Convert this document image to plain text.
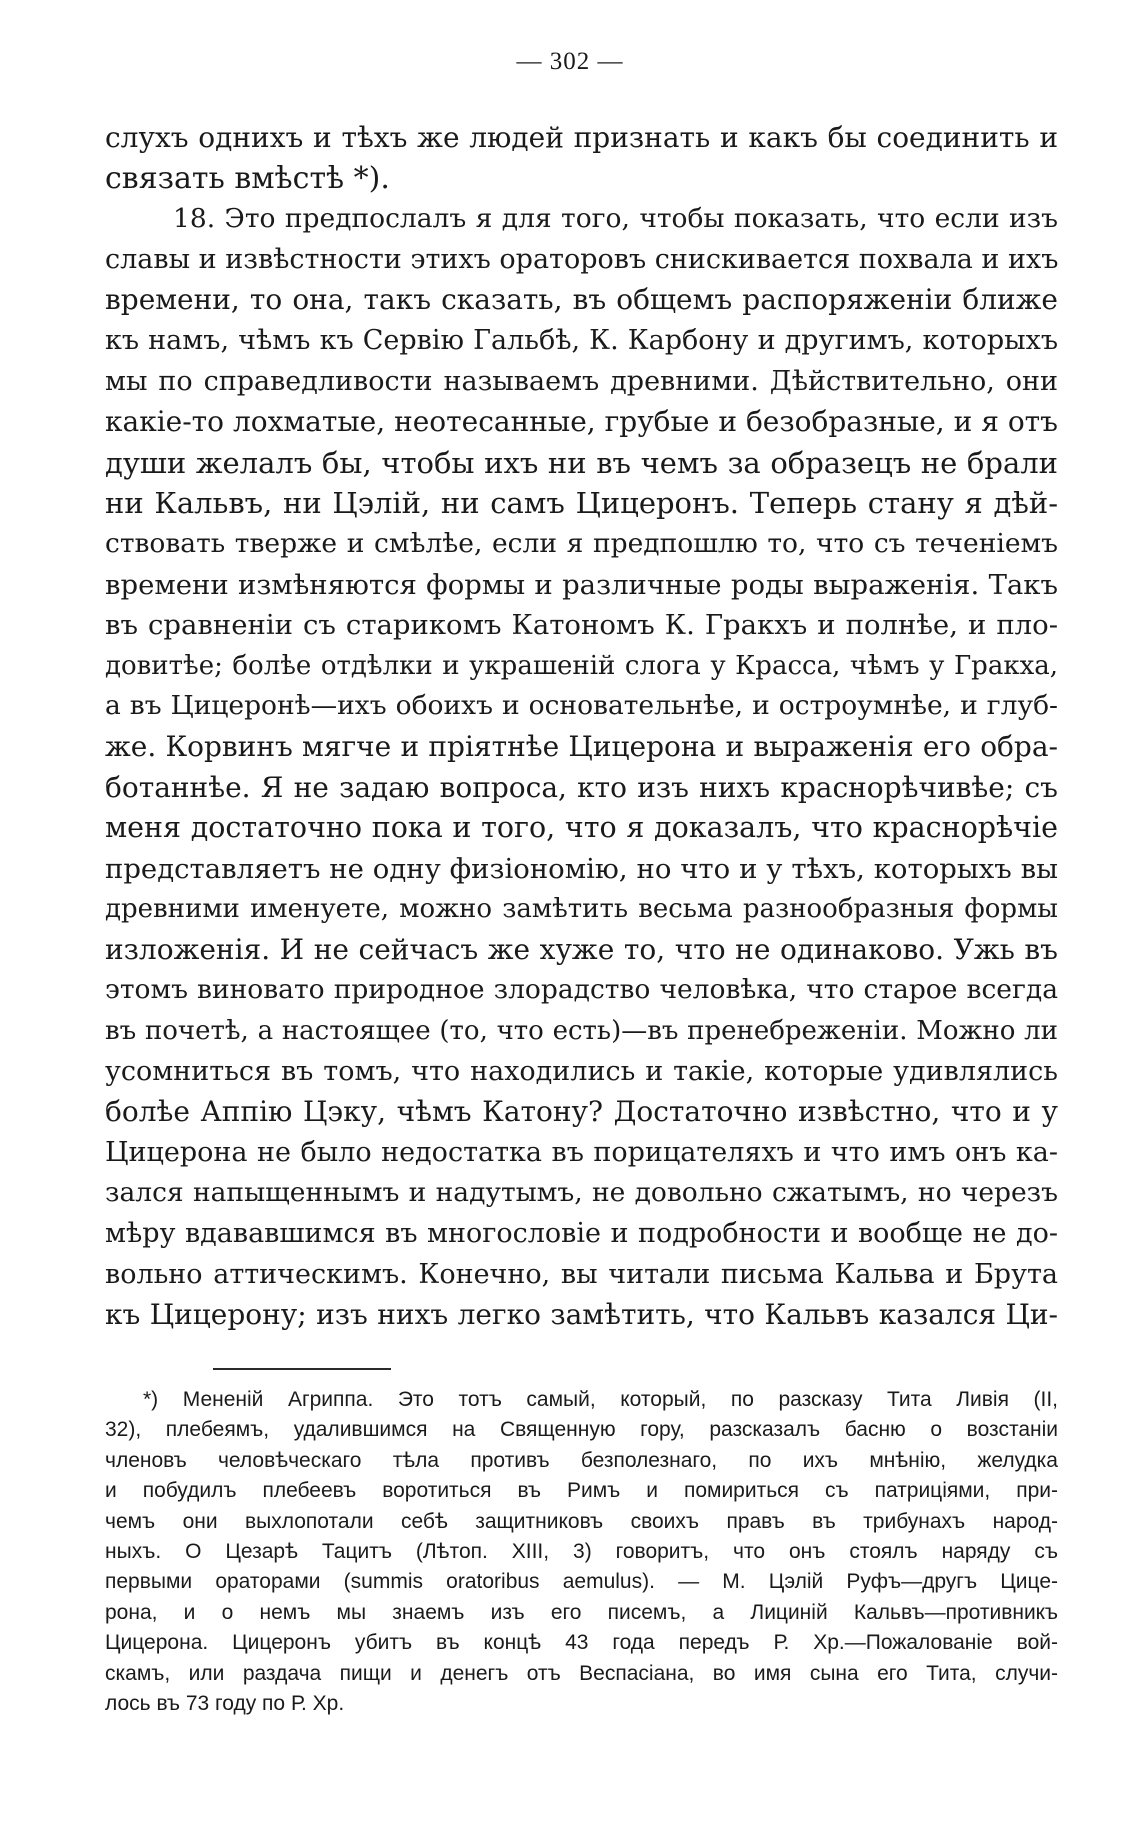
— 302 —
слухъ однихъ и тѣхъ же людей признать и какъ бы соединить и
связать вмѣстѣ *).
18. Это предпослалъ я для того, чтобы показать, что если изъ
славы и извѣстности этихъ ораторовъ снискивается похвала и ихъ
времени, то она, такъ сказать, въ общемъ распоряженіи ближе
къ намъ, чѣмъ къ Сервію Гальбѣ, К. Карбону и другимъ, которыхъ
мы по справедливости называемъ древними. Дѣйствительно, они
какіе-то лохматые, неотесанные, грубые и безобразные, и я отъ
души желалъ бы, чтобы ихъ ни въ чемъ за образецъ не брали
ни Кальвъ, ни Цэлій, ни самъ Цицеронъ. Теперь стану я дѣй-
ствовать тверже и смѣлѣе, если я предпошлю то, что съ теченіемъ
времени измѣняются формы и различные роды выраженія. Такъ
въ сравненіи съ старикомъ Катономъ К. Гракхъ и полнѣе, и пло-
довитѣе; болѣе отдѣлки и украшеній слога у Красса, чѣмъ у Гракха,
а въ Цицеронѣ—ихъ обоихъ и основательнѣе, и остроумнѣе, и глуб-
же. Корвинъ мягче и пріятнѣе Цицерона и выраженія его обра-
ботаннѣе. Я не задаю вопроса, кто изъ нихъ краснорѣчивѣе; съ
меня достаточно пока и того, что я доказалъ, что краснорѣчіе
представляетъ не одну физіономію, но что и у тѣхъ, которыхъ вы
древними именуете, можно замѣтить весьма разнообразныя формы
изложенія. И не сейчасъ же хуже то, что не одинаково. Ужь въ
этомъ виновато природное злорадство человѣка, что старое всегда
въ почетѣ, а настоящее (то, что есть)—въ пренебреженіи. Можно ли
усомниться въ томъ, что находились и такіе, которые удивлялись
болѣе Аппію Цэку, чѣмъ Катону? Достаточно извѣстно, что и у
Цицерона не было недостатка въ порицателяхъ и что имъ онъ ка-
зался напыщеннымъ и надутымъ, не довольно сжатымъ, но черезъ
мѣру вдававшимся въ многословіе и подробности и вообще не до-
вольно аттическимъ. Конечно, вы читали письма Кальва и Брута
къ Цицерону; изъ нихъ легко замѣтить, что Кальвъ казался Ци-
*) Мененій Агриппа. Это тотъ самый, который, по разсказу Тита Ливія (II,
32), плебеямъ, удалившимся на Священную гору, разсказалъ басню о возстаніи
членовъ человѣческаго тѣла противъ безполезнаго, по ихъ мнѣнію, желудка
и побудилъ плебеевъ воротиться въ Римъ и помириться съ патриціями, при-
чемъ они выхлопотали себѣ защитниковъ своихъ правъ въ трибунахъ народ-
ныхъ. О Цезарѣ Тацитъ (Лѣтоп. XIII, 3) говоритъ, что онъ стоялъ наряду съ
первыми ораторами (summis oratoribus aemulus). — М. Цэлій Руфъ—другъ Цице-
рона, и о немъ мы знаемъ изъ его писемъ, а Лициній Кальвъ—противникъ
Цицерона. Цицеронъ убитъ въ концѣ 43 года передъ Р. Хр.—Пожалованіе вой-
скамъ, или раздача пищи и денегъ отъ Веспасіана, во имя сына его Тита, случи-
лось въ 73 году по Р. Хр.
